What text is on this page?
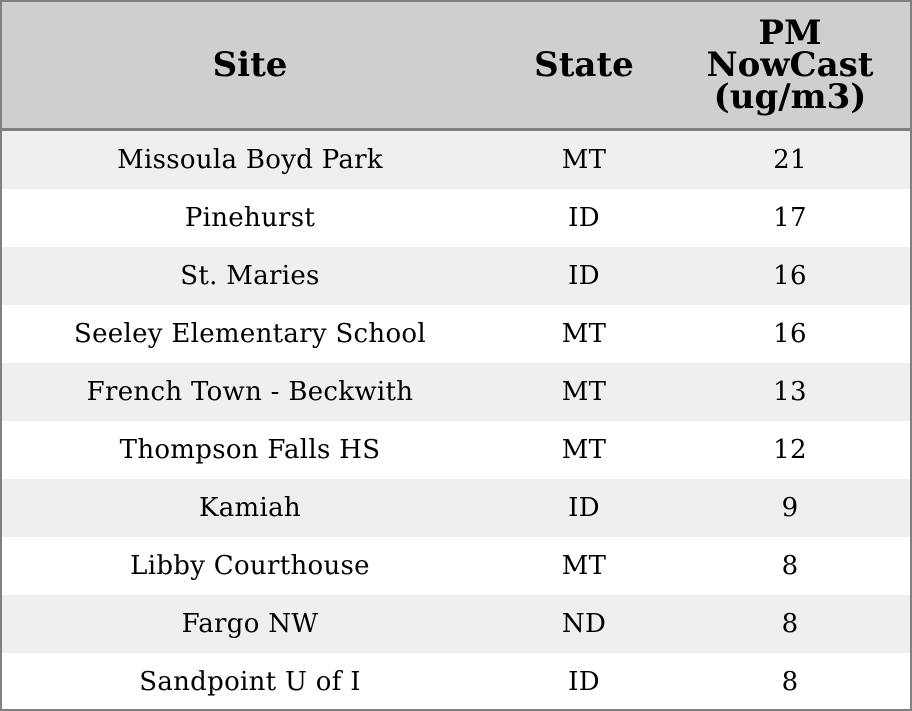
Site	State	PM
NowCast
(ug/m3)

Missoula Boyd Park	MT	21
Pinehurst	ID	17
St. Maries	ID	16
Seeley Elementary School	MT	16
French Town - Beckwith	MT	13
Thompson Falls HS	MT	12
Kamiah	ID	9
Libby Courthouse	MT	8
Fargo NW	ND	8
Sandpoint U of I	ID	8
